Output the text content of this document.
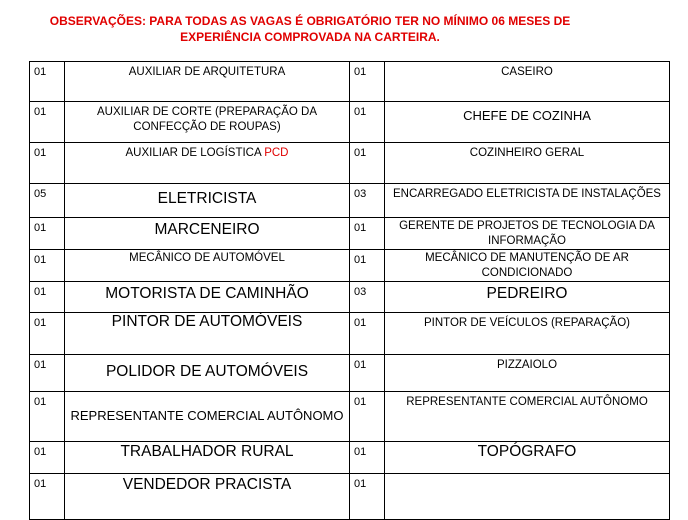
OBSERVAÇÕES: PARA TODAS AS VAGAS É OBRIGATÓRIO TER NO MÍNIMO 06 MESES DE
EXPERIÊNCIA COMPROVADA NA CARTEIRA.
01	AUXILIAR DE ARQUITETURA	01	CASEIRO
01	AUXILIAR DE CORTE (PREPARAÇÃO DA CONFECÇÃO DE ROUPAS)	01	CHEFE DE COZINHA
01	AUXILIAR DE LOGÍSTICA PCD	01	COZINHEIRO GERAL
05	ELETRICISTA	03	ENCARREGADO ELETRICISTA DE INSTALAÇÕES
01	MARCENEIRO	01	GERENTE DE PROJETOS DE TECNOLOGIA DA INFORMAÇÃO
01	MECÂNICO DE AUTOMÓVEL	01	MECÂNICO DE MANUTENÇÃO DE AR CONDICIONADO
01	MOTORISTA DE CAMINHÃO	03	PEDREIRO
01	PINTOR DE AUTOMÓVEIS	01	PINTOR DE VEÍCULOS (REPARAÇÃO)
01	POLIDOR DE AUTOMÓVEIS	01	PIZZAIOLO
01	REPRESENTANTE COMERCIAL AUTÔNOMO	01	REPRESENTANTE COMERCIAL AUTÔNOMO
01	TRABALHADOR RURAL	01	TOPÓGRAFO
01	VENDEDOR PRACISTA	01	
